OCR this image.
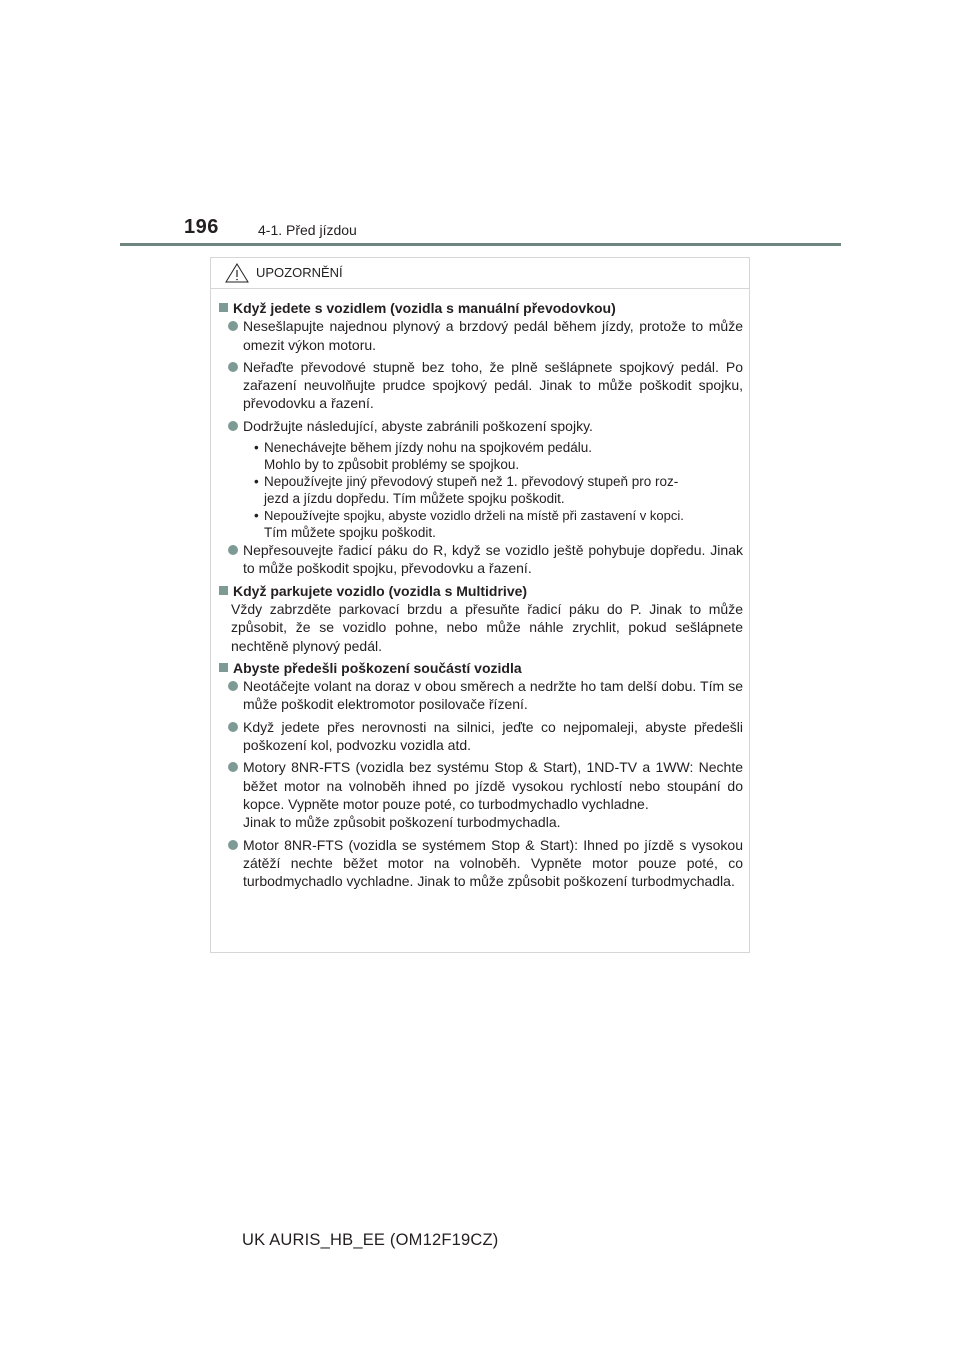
196	4-1. Před jízdou
UPOZORNĚNÍ
Když jedete s vozidlem (vozidla s manuální převodovkou)
Nesešlapujte najednou plynový a brzdový pedál během jízdy, protože to může omezit výkon motoru.
Neřaďte převodové stupně bez toho, že plně sešlápnete spojkový pedál. Po zařazení neuvolňujte prudce spojkový pedál. Jinak to může poškodit spojku, převodovku a řazení.
Dodržujte následující, abyste zabránili poškození spojky.
• Nenechávejte během jízdy nohu na spojkovém pedálu.
Mohlo by to způsobit problémy se spojkou.
• Nepoužívejte jiný převodový stupeň než 1. převodový stupeň pro roz-
jezd a jízdu dopředu. Tím můžete spojku poškodit.
• Nepoužívejte spojku, abyste vozidlo drželi na místě při zastavení v kopci.
Tím můžete spojku poškodit.
Nepřesouvejte řadicí páku do R, když se vozidlo ještě pohybuje dopředu. Jinak to může poškodit spojku, převodovku a řazení.
Když parkujete vozidlo (vozidla s Multidrive)
Vždy zabrzděte parkovací brzdu a přesuňte řadicí páku do P. Jinak to může způsobit, že se vozidlo pohne, nebo může náhle zrychlit, pokud sešlápnete nechtěně plynový pedál.
Abyste předešli poškození součástí vozidla
Neotáčejte volant na doraz v obou směrech a nedržte ho tam delší dobu. Tím se může poškodit elektromotor posilovače řízení.
Když jedete přes nerovnosti na silnici, jeďte co nejpomaleji, abyste předešli poškození kol, podvozku vozidla atd.
Motory 8NR-FTS (vozidla bez systému Stop & Start), 1ND-TV a 1WW: Nechte běžet motor na volnoběh ihned po jízdě vysokou rychlostí nebo stoupání do kopce. Vypněte motor pouze poté, co turbodmychadlo vychladne.
Jinak to může způsobit poškození turbodmychadla.
Motor 8NR-FTS (vozidla se systémem Stop & Start): Ihned po jízdě s vysokou zátěží nechte běžet motor na volnoběh. Vypněte motor pouze poté, co turbodmychadlo vychladne. Jinak to může způsobit poškození turbodmychadla.
UK AURIS_HB_EE (OM12F19CZ)
